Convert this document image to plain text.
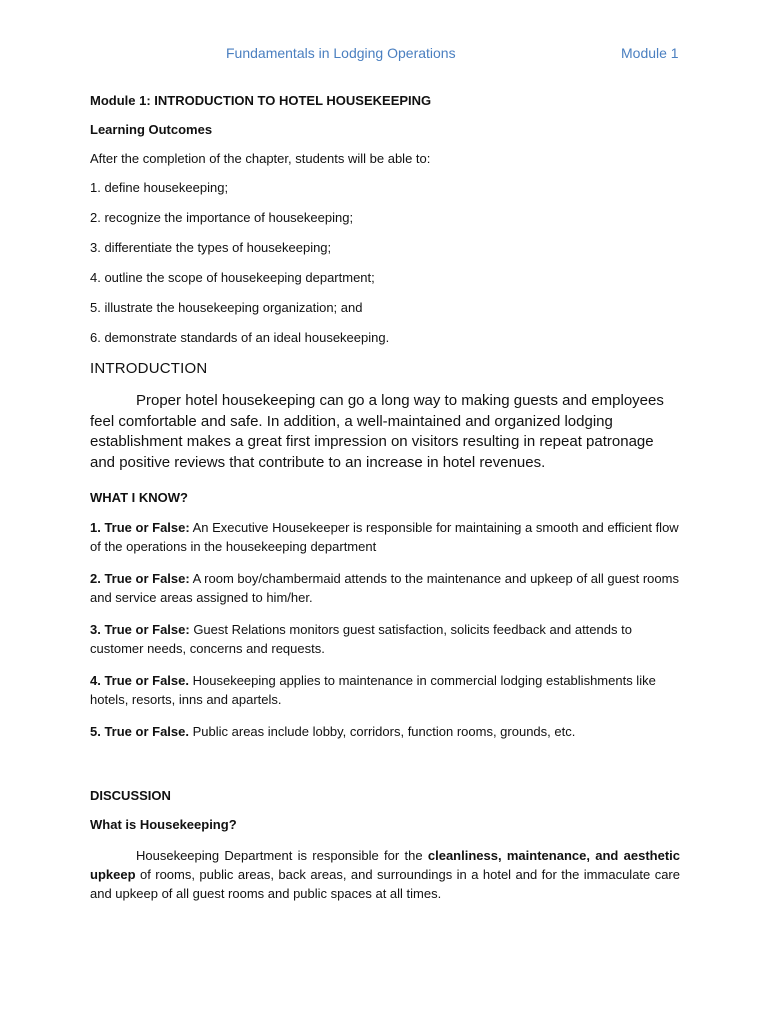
Fundamentals in Lodging Operations	Module 1
Module 1: INTRODUCTION TO HOTEL HOUSEKEEPING
Learning Outcomes
After the completion of the chapter, students will be able to:
1. define housekeeping;
2. recognize the importance of housekeeping;
3. differentiate the types of housekeeping;
4. outline the scope of housekeeping department;
5. illustrate the housekeeping organization; and
6. demonstrate standards of an ideal housekeeping.
INTRODUCTION

Proper hotel housekeeping can go a long way to making guests and employees feel comfortable and safe. In addition, a well-maintained and organized lodging establishment makes a great first impression on visitors resulting in repeat patronage and positive reviews that contribute to an increase in hotel revenues.

WHAT I KNOW?
1. True or False: An Executive Housekeeper is responsible for maintaining a smooth and efficient flow of the operations in the housekeeping department
2. True or False: A room boy/chambermaid attends to the maintenance and upkeep of all guest rooms and service areas assigned to him/her.
3. True or False: Guest Relations monitors guest satisfaction, solicits feedback and attends to customer needs, concerns and requests.
4. True or False. Housekeeping applies to maintenance in commercial lodging establishments like hotels, resorts, inns and apartels.
5. True or False. Public areas include lobby, corridors, function rooms, grounds, etc.
DISCUSSION
What is Housekeeping?

Housekeeping Department is responsible for the cleanliness, maintenance, and aesthetic upkeep of rooms, public areas, back areas, and surroundings in a hotel and for the immaculate care and upkeep of all guest rooms and public spaces at all times.
